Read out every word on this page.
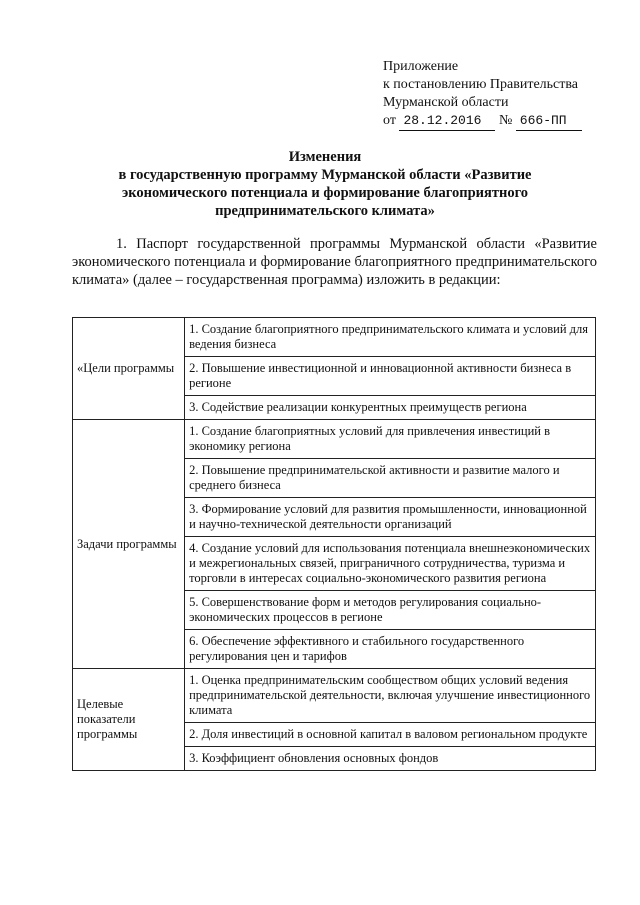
Приложение
к постановлению Правительства
Мурманской области
от 28.12.2016 № 666-ПП
Изменения
в государственную программу Мурманской области «Развитие
экономического потенциала и формирование благоприятного
предпринимательского климата»

1. Паспорт государственной программы Мурманской области «Развитие экономического потенциала и формирование благоприятного предпринимательского климата» (далее – государственная программа) изложить в редакции:

«Цели программы	1. Создание благоприятного предпринимательского климата и условий для ведения бизнеса
	2. Повышение инвестиционной и инновационной активности бизнеса в регионе
	3. Содействие реализации конкурентных преимуществ региона
Задачи программы	1. Создание благоприятных условий для привлечения инвестиций в экономику региона
	2. Повышение предпринимательской активности и развитие малого и среднего бизнеса
	3. Формирование условий для развития промышленности, инновационной и научно-технической деятельности организаций
	4. Создание условий для использования потенциала внешнеэкономических и межрегиональных связей, приграничного сотрудничества, туризма и торговли в интересах социально-экономического развития региона
	5. Совершенствование форм и методов регулирования социально-экономических процессов в регионе
	6. Обеспечение эффективного и стабильного государственного регулирования цен и тарифов
Целевые показатели программы	1. Оценка предпринимательским сообществом общих условий ведения предпринимательской деятельности, включая улучшение инвестиционного климата
	2. Доля инвестиций в основной капитал в валовом региональном продукте
	3. Коэффициент обновления основных фондов
